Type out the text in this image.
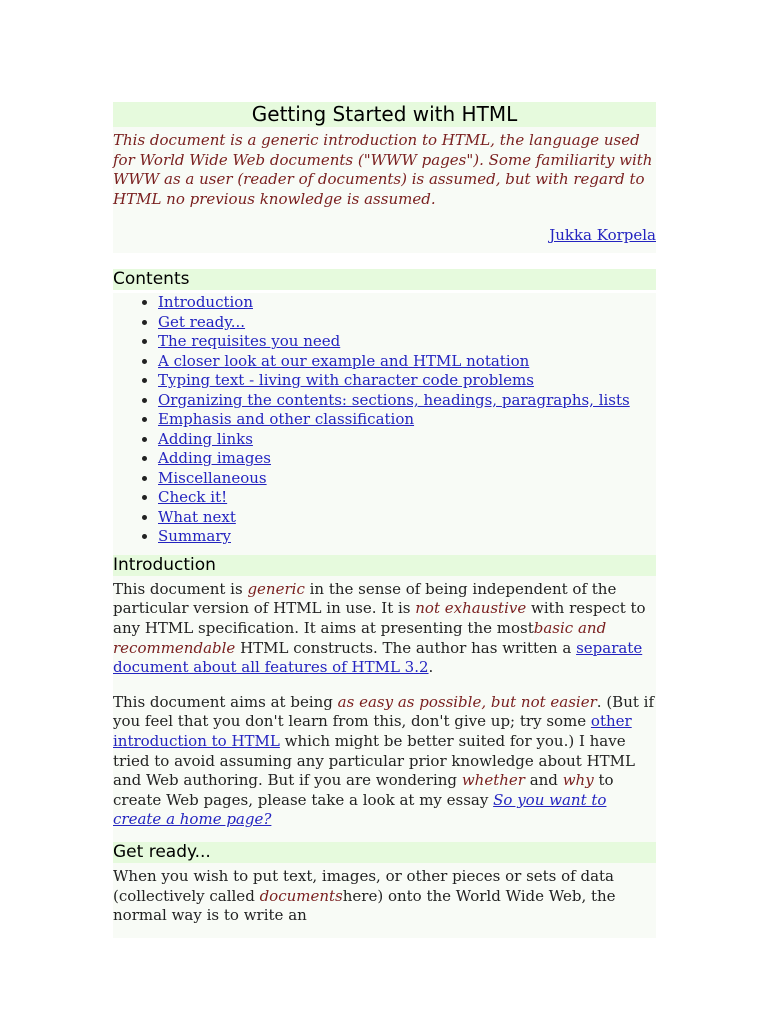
Getting Started with HTML

This document is a generic introduction to HTML, the language used for World Wide Web documents ("WWW pages"). Some familiarity with WWW as a user (reader of documents) is assumed, but with regard to HTML no previous knowledge is assumed.

Jukka Korpela

Contents
• Introduction
• Get ready...
• The requisites you need
• A closer look at our example and HTML notation
• Typing text - living with character code problems
• Organizing the contents: sections, headings, paragraphs, lists
• Emphasis and other classification
• Adding links
• Adding images
• Miscellaneous
• Check it!
• What next
• Summary
Introduction

This document is generic in the sense of being independent of the particular version of HTML in use. It is not exhaustive with respect to any HTML specification. It aims at presenting the mostbasic and recommendable HTML constructs. The author has written a separate document about all features of HTML 3.2.

This document aims at being as easy as possible, but not easier. (But if you feel that you don't learn from this, don't give up; try some other introduction to HTML which might be better suited for you.) I have tried to avoid assuming any particular prior knowledge about HTML and Web authoring. But if you are wondering whether and why to create Web pages, please take a look at my essay So you want to create a home page?

Get ready...

When you wish to put text, images, or other pieces or sets of data (collectively called documentshere) onto the World Wide Web, the normal way is to write an
